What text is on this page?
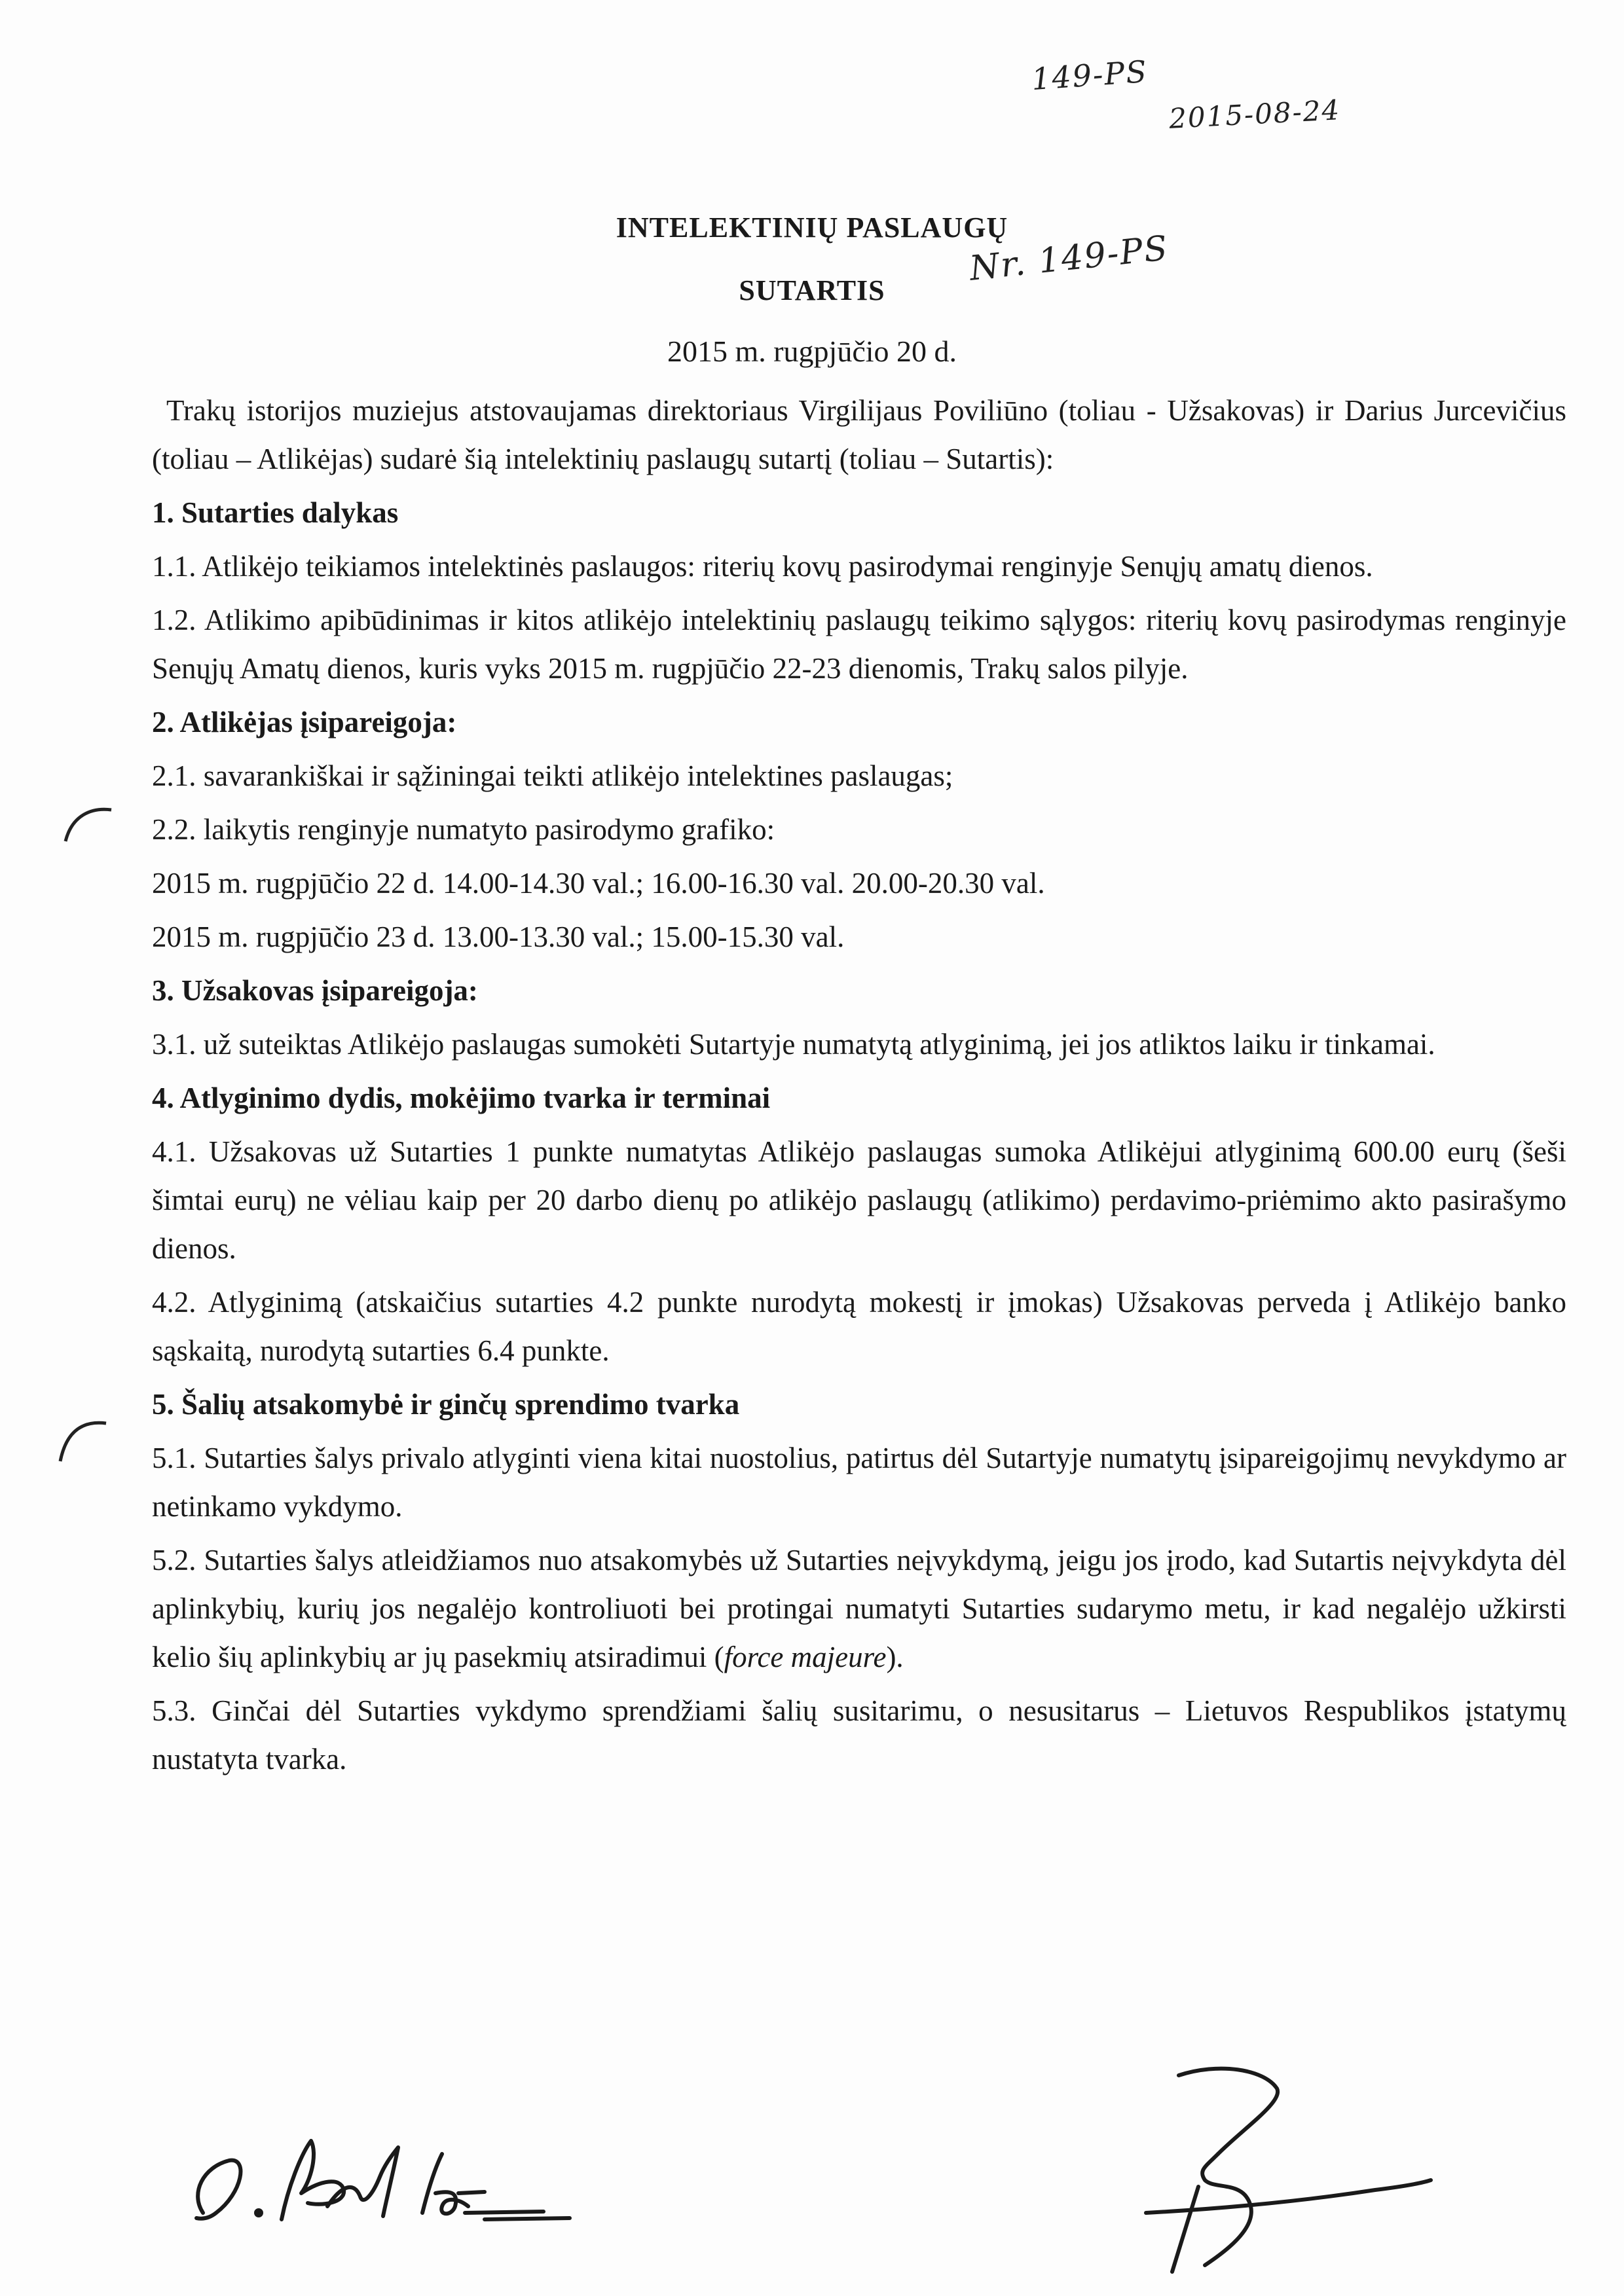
149-PS
2015-08-24
INTELEKTINIŲ PASLAUGŲ
SUTARTIS
Nr. 149-PS
2015 m. rugpjūčio 20 d.

Trakų istorijos muziejus atstovaujamas direktoriaus Virgilijaus Poviliūno (toliau - Užsakovas) ir Darius Jurcevičius (toliau – Atlikėjas) sudarė šią intelektinių paslaugų sutartį (toliau – Sutartis):

1. Sutarties dalykas

1.1. Atlikėjo teikiamos intelektinės paslaugos: riterių kovų pasirodymai renginyje Senųjų amatų dienos.

1.2. Atlikimo apibūdinimas ir kitos atlikėjo intelektinių paslaugų teikimo sąlygos: riterių kovų pasirodymas renginyje Senųjų Amatų dienos, kuris vyks 2015 m. rugpjūčio 22-23 dienomis, Trakų salos pilyje.

2. Atlikėjas įsipareigoja:

2.1. savarankiškai ir sąžiningai teikti atlikėjo intelektines paslaugas;

2.2. laikytis renginyje numatyto pasirodymo grafiko:

2015 m. rugpjūčio 22 d. 14.00-14.30 val.; 16.00-16.30 val. 20.00-20.30 val.

2015 m. rugpjūčio 23 d. 13.00-13.30 val.; 15.00-15.30 val.

3. Užsakovas įsipareigoja:

3.1. už suteiktas Atlikėjo paslaugas sumokėti Sutartyje numatytą atlyginimą, jei jos atliktos laiku ir tinkamai.

4. Atlyginimo dydis, mokėjimo tvarka ir terminai

4.1. Užsakovas už Sutarties 1 punkte numatytas Atlikėjo paslaugas sumoka Atlikėjui atlyginimą 600.00 eurų (šeši šimtai eurų) ne vėliau kaip per 20 darbo dienų po atlikėjo paslaugų (atlikimo) perdavimo-priėmimo akto pasirašymo dienos.

4.2. Atlyginimą (atskaičius sutarties 4.2 punkte nurodytą mokestį ir įmokas) Užsakovas perveda į Atlikėjo banko sąskaitą, nurodytą sutarties 6.4 punkte.

5. Šalių atsakomybė ir ginčų sprendimo tvarka

5.1. Sutarties šalys privalo atlyginti viena kitai nuostolius, patirtus dėl Sutartyje numatytų įsipareigojimų nevykdymo ar netinkamo vykdymo.

5.2. Sutarties šalys atleidžiamos nuo atsakomybės už Sutarties neįvykdymą, jeigu jos įrodo, kad Sutartis neįvykdyta dėl aplinkybių, kurių jos negalėjo kontroliuoti bei protingai numatyti Sutarties sudarymo metu, ir kad negalėjo užkirsti kelio šių aplinkybių ar jų pasekmių atsiradimui (force majeure).

5.3. Ginčai dėl Sutarties vykdymo sprendžiami šalių susitarimu, o nesusitarus – Lietuvos Respublikos įstatymų nustatyta tvarka.
